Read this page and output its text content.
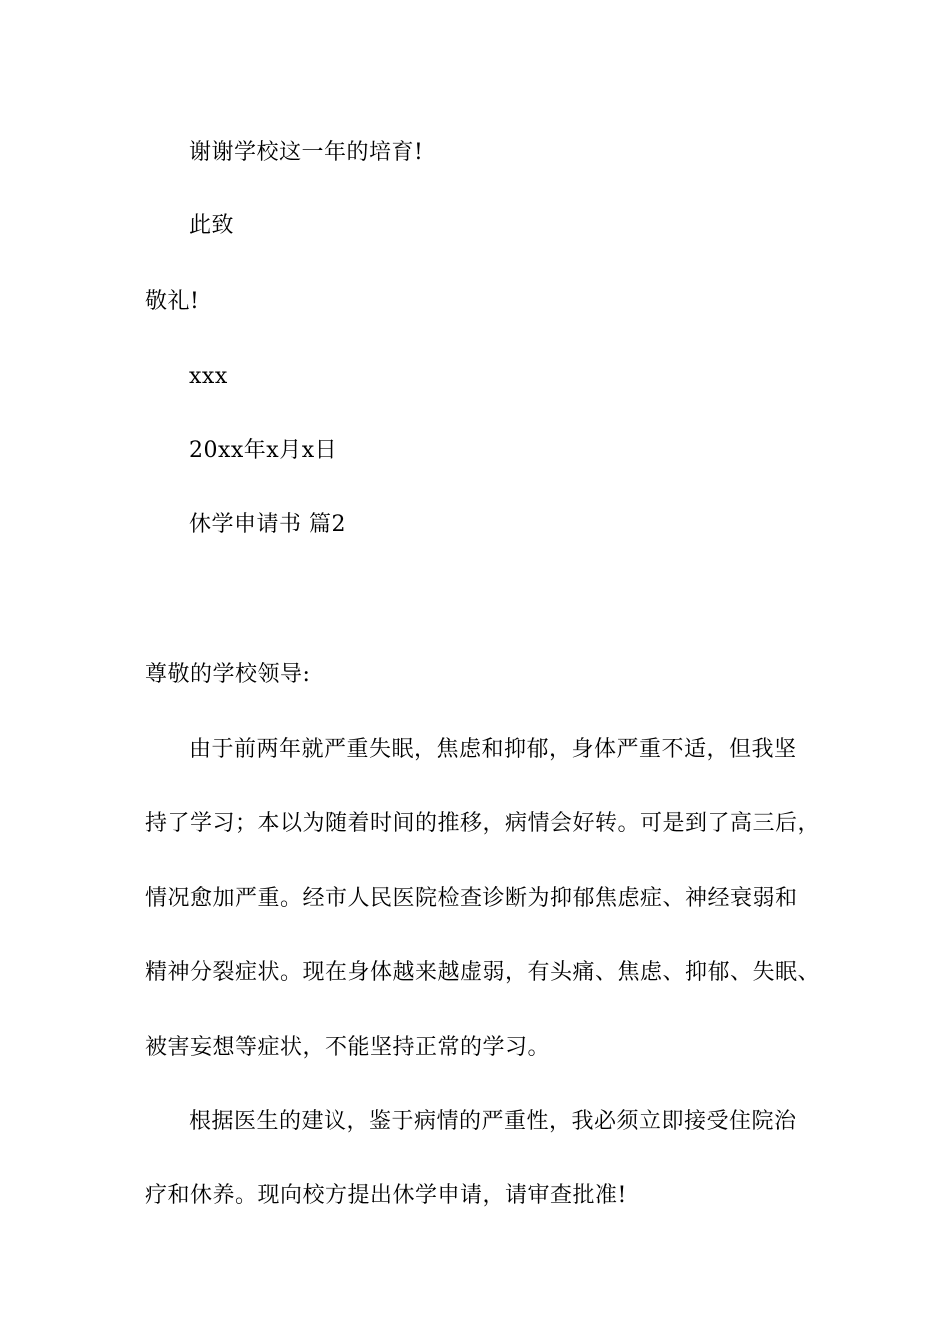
谢谢学校这一年的培育!
此致
敬礼!
xxx
20xx年x月x日
休学申请书 篇2
尊敬的学校领导:
由于前两年就严重失眠，焦虑和抑郁，身体严重不适，但我坚
持了学习；本以为随着时间的推移，病情会好转。可是到了高三后，
情况愈加严重。经市人民医院检查诊断为抑郁焦虑症、神经衰弱和
精神分裂症状。现在身体越来越虚弱，有头痛、焦虑、抑郁、失眠、
被害妄想等症状，不能坚持正常的学习。
根据医生的建议，鉴于病情的严重性，我必须立即接受住院治
疗和休养。现向校方提出休学申请，请审查批准!
